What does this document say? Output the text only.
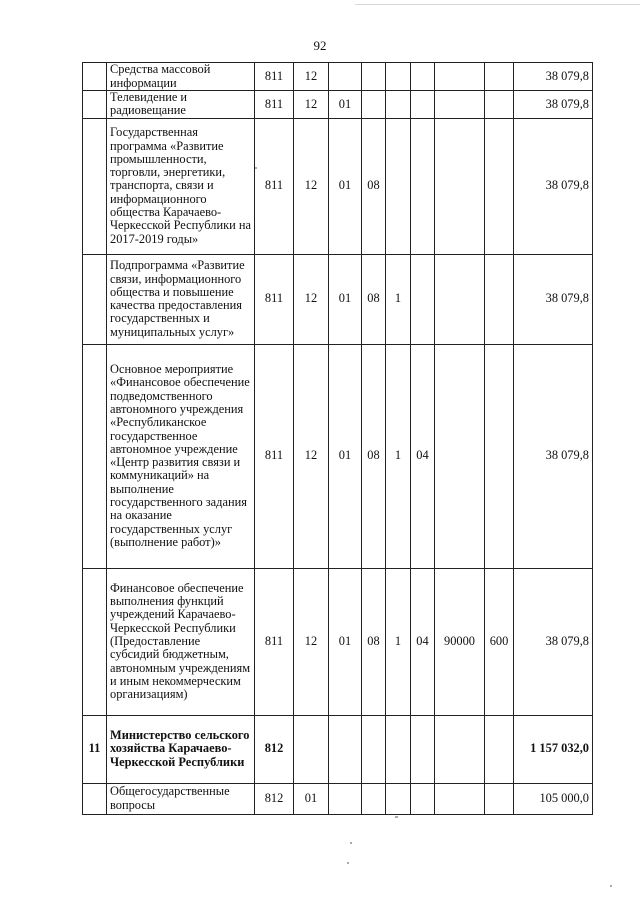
92
	Средства массовой информации	811	12							38 079,8
	Телевидение и радиовещание	811	12	01						38 079,8
	Государственная программа «Развитие промышленности, торговли, энергетики, транспорта, связи и информационного общества Карачаево-Черкесской Республики на 2017-2019 годы»	811	12	01	08					38 079,8
	Подпрограмма «Развитие связи, информационного общества и повышение качества предоставления государственных и муниципальных услуг»	811	12	01	08	1				38 079,8
	Основное мероприятие «Финансовое обеспечение подведомственного автономного учреждения «Республиканское государственное автономное учреждение «Центр развития связи и коммуникаций» на выполнение государственного задания на оказание государственных услуг (выполнение работ)»	811	12	01	08	1	04			38 079,8
	Финансовое обеспечение выполнения функций учреждений Карачаево-Черкесской Республики (Предоставление субсидий бюджетным, автономным учреждениям и иным некоммерческим организациям)	811	12	01	08	1	04	90000	600	38 079,8
11	Министерство сельского хозяйства Карачаево-Черкесской Республики	812								1 157 032,0
	Общегосударственные вопросы	812	01							105 000,0
